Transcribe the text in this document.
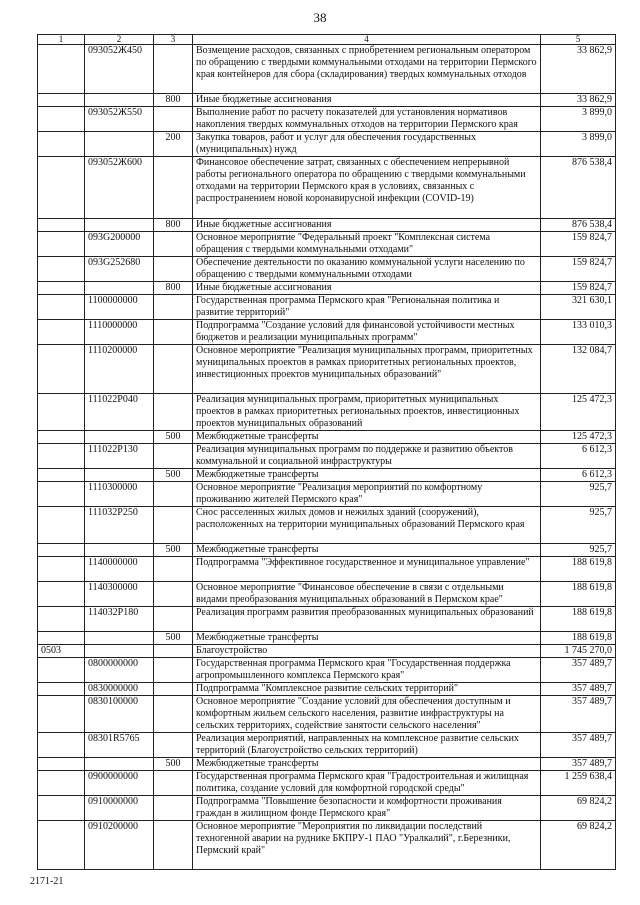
38
1	2	3	4	5
	093052Ж450		Возмещение расходов, связанных с приобретением региональным оператором по обращению с твердыми коммунальными отходами на территории Пермского края контейнеров для сбора (складирования) твердых коммунальных отходов	33 862,9
		800	Иные бюджетные ассигнования	33 862,9
	093052Ж550		Выполнение работ по расчету показателей для установления нормативов накопления твердых коммунальных отходов на территории Пермского края	3 899,0
		200	Закупка товаров, работ и услуг для обеспечения государственных (муниципальных) нужд	3 899,0
	093052Ж600		Финансовое обеспечение затрат, связанных с обеспечением непрерывной работы регионального оператора по обращению с твердыми коммунальными отходами на территории Пермского края в условиях, связанных с распространением новой коронавирусной инфекции (COVID-19)	876 538,4
		800	Иные бюджетные ассигнования	876 538,4
	093G200000		Основное мероприятие "Федеральный проект "Комплексная система обращения с твердыми коммунальными отходами"	159 824,7
	093G252680		Обеспечение деятельности по оказанию коммунальной услуги населению по обращению с твердыми коммунальными отходами	159 824,7
		800	Иные бюджетные ассигнования	159 824,7
	1100000000		Государственная программа Пермского края "Региональная политика и развитие территорий"	321 630,1
	1110000000		Подпрограмма "Создание условий для финансовой устойчивости местных бюджетов и реализации муниципальных программ"	133 010,3
	1110200000		Основное мероприятие "Реализация муниципальных программ, приоритетных муниципальных проектов в рамках приоритетных региональных проектов, инвестиционных проектов муниципальных образований"	132 084,7
	111022P040		Реализация муниципальных программ, приоритетных муниципальных проектов в рамках приоритетных региональных проектов, инвестиционных проектов муниципальных образований	125 472,3
		500	Межбюджетные трансферты	125 472,3
	111022P130		Реализация муниципальных программ по поддержке и развитию объектов коммунальной и социальной инфраструктуры	6 612,3
		500	Межбюджетные трансферты	6 612,3
	1110300000		Основное мероприятие "Реализация мероприятий по комфортному проживанию жителей Пермского края"	925,7
	111032P250		Снос расселенных жилых домов и нежилых зданий (сооружений), расположенных на территории муниципальных образований Пермского края	925,7
		500	Межбюджетные трансферты	925,7
	1140000000		Подпрограмма "Эффективное государственное и муниципальное управление"	188 619,8
	1140300000		Основное мероприятие "Финансовое обеспечение в связи с отдельными видами преобразования муниципальных образований в Пермском крае"	188 619,8
	114032P180		Реализация программ развития преобразованных муниципальных образований	188 619,8
		500	Межбюджетные трансферты	188 619,8
0503			Благоустройство	1 745 270,0
	0800000000		Государственная программа Пермского края "Государственная поддержка агропромышленного комплекса Пермского края"	357 489,7
	0830000000		Подпрограмма "Комплексное развитие сельских территорий"	357 489,7
	0830100000		Основное мероприятие "Создание условий для обеспечения доступным и комфортным жильем сельского населения, развитие инфраструктуры на сельских территориях, содействие занятости сельского населения"	357 489,7
	08301R5765		Реализация мероприятий, направленных на комплексное развитие сельских территорий (Благоустройство сельских территорий)	357 489,7
		500	Межбюджетные трансферты	357 489,7
	0900000000		Государственная программа Пермского края "Градостроительная и жилищная политика, создание условий для комфортной городской среды"	1 259 638,4
	0910000000		Подпрограмма "Повышение безопасности и комфортности проживания граждан в жилищном фонде Пермского края"	69 824,2
	0910200000		Основное мероприятие "Мероприятия по ликвидации последствий техногенной аварии на руднике БКПРУ-1 ПАО "Уралкалий", г.Березники, Пермский край"	69 824,2
2171-21
